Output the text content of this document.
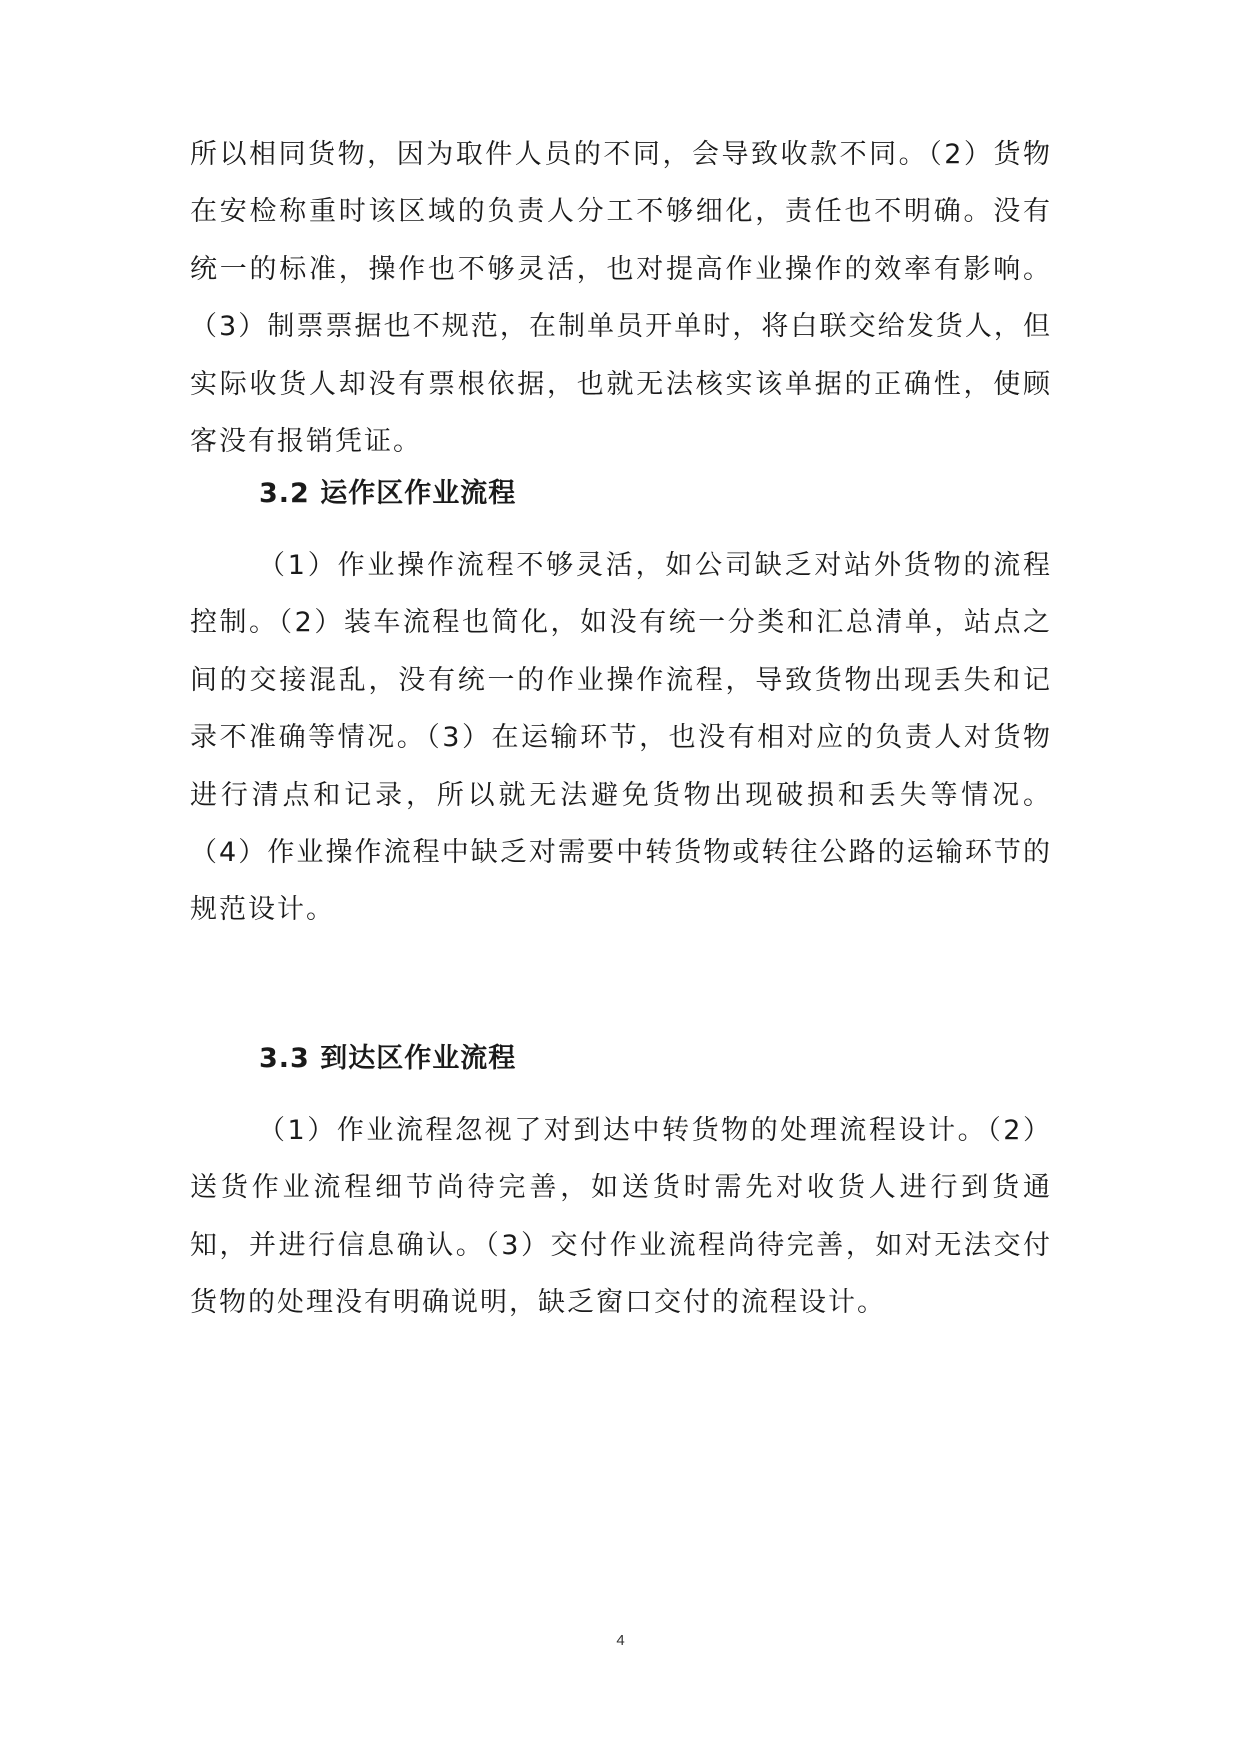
所以相同货物，因为取件人员的不同，会导致收款不同。（2）货物在安检称重时该区域的负责人分工不够细化，责任也不明确。没有统一的标准，操作也不够灵活，也对提高作业操作的效率有影响。（3）制票票据也不规范，在制单员开单时，将白联交给发货人，但实际收货人却没有票根依据，也就无法核实该单据的正确性，使顾客没有报销凭证。

3.2 运作区作业流程

（1）作业操作流程不够灵活，如公司缺乏对站外货物的流程控制。（2）装车流程也简化，如没有统一分类和汇总清单，站点之间的交接混乱，没有统一的作业操作流程，导致货物出现丢失和记录不准确等情况。（3）在运输环节，也没有相对应的负责人对货物进行清点和记录，所以就无法避免货物出现破损和丢失等情况。（4）作业操作流程中缺乏对需要中转货物或转往公路的运输环节的规范设计。

3.3 到达区作业流程

（1）作业流程忽视了对到达中转货物的处理流程设计。（2）送货作业流程细节尚待完善，如送货时需先对收货人进行到货通知，并进行信息确认。（3）交付作业流程尚待完善，如对无法交付货物的处理没有明确说明，缺乏窗口交付的流程设计。

4
